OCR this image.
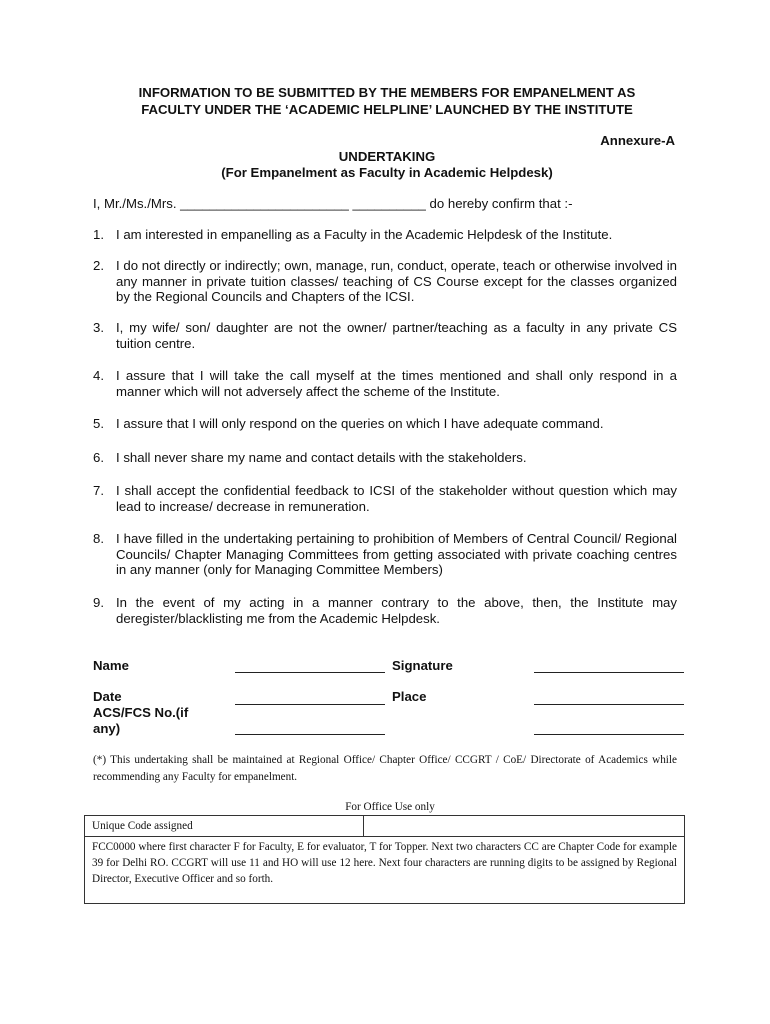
INFORMATION TO BE SUBMITTED BY THE MEMBERS FOR EMPANELMENT AS
FACULTY UNDER THE ‘ACADEMIC HELPLINE’ LAUNCHED BY THE INSTITUTE
Annexure-A
UNDERTAKING
(For Empanelment as Faculty in Academic Helpdesk)
I, Mr./Ms./Mrs. _______________________ __________ do hereby confirm that :-
1. I am interested in empanelling as a Faculty in the Academic Helpdesk of the Institute.
2. I do not directly or indirectly; own, manage, run, conduct, operate, teach or otherwise involved in any manner in private tuition classes/ teaching of CS Course except for the classes organized by the Regional Councils and Chapters of the ICSI.
3. I, my wife/ son/ daughter are not the owner/ partner/teaching as a faculty in any private CS tuition centre.
4. I assure that I will take the call myself at the times mentioned and shall only respond in a manner which will not adversely affect the scheme of the Institute.
5. I assure that I will only respond on the queries on which I have adequate command.
6. I shall never share my name and contact details with the stakeholders.
7. I shall accept the confidential feedback to ICSI of the stakeholder without question which may lead to increase/ decrease in remuneration.
8. I have filled in the undertaking pertaining to prohibition of Members of Central Council/ Regional Councils/ Chapter Managing Committees from getting associated with private coaching centres in any manner (only for Managing Committee Members)
9. In the event of my acting in a manner contrary to the above, then, the Institute may deregister/blacklisting me from the Academic Helpdesk.
Name	Signature
Date	Place
ACS/FCS No.(if
any)
(*) This undertaking shall be maintained at Regional Office/ Chapter Office/ CCGRT / CoE/ Directorate of Academics while recommending any Faculty for empanelment.
For Office Use only
Unique Code assigned	
FCC0000 where first character F for Faculty, E for evaluator, T for Topper. Next two characters CC are Chapter Code for example 39 for Delhi RO. CCGRT will use 11 and HO will use 12 here. Next four characters are running digits to be assigned by Regional Director, Executive Officer and so forth.
